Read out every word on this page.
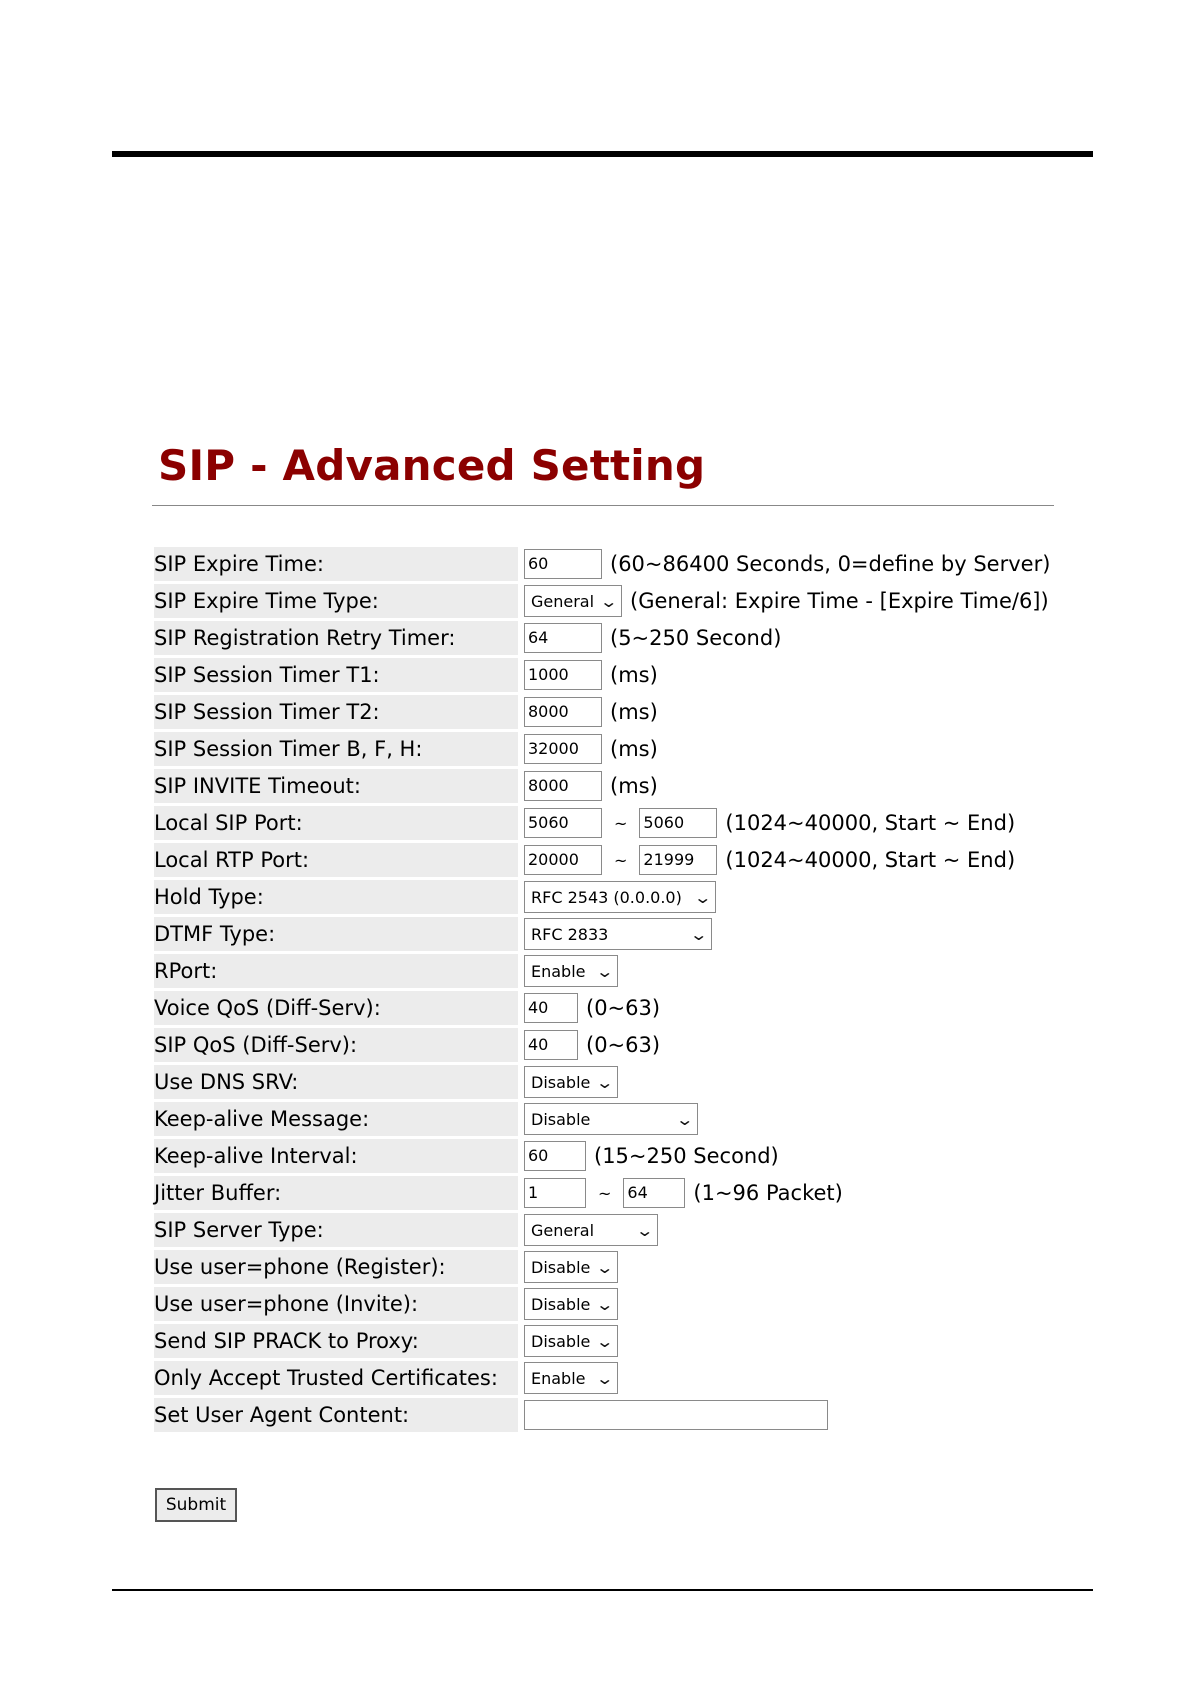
SIP - Advanced Setting
SIP Expire Time:	60	(60~86400 Seconds, 0=define by Server)
SIP Expire Time Type:	General ⌄ (General: Expire Time - [Expire Time/6])
SIP Registration Retry Timer:	64	(5~250 Second)
SIP Session Timer T1:	1000	(ms)
SIP Session Timer T2:	8000	(ms)
SIP Session Timer B, F, H:	32000	(ms)
SIP INVITE Timeout:	8000	(ms)
Local SIP Port:	5060	~ 5060	(1024~40000, Start ~ End)
Local RTP Port:	20000	~ 21999	(1024~40000, Start ~ End)
Hold Type:	RFC 2543 (0.0.0.0) ⌄
DTMF Type:	RFC 2833	⌄
RPort:	Enable ⌄
Voice QoS (Diff-Serv):	40	(0~63)
SIP QoS (Diff-Serv):	40	(0~63)
Use DNS SRV:	Disable ⌄
Keep-alive Message:	Disable	⌄
Keep-alive Interval:	60	(15~250 Second)
Jitter Buffer:	1	~ 64	(1~96 Packet)
SIP Server Type:	General	⌄
Use user=phone (Register):	Disable ⌄
Use user=phone (Invite):	Disable ⌄
Send SIP PRACK to Proxy:	Disable ⌄
Only Accept Trusted Certificates:	Enable ⌄
Set User Agent Content:
Submit
